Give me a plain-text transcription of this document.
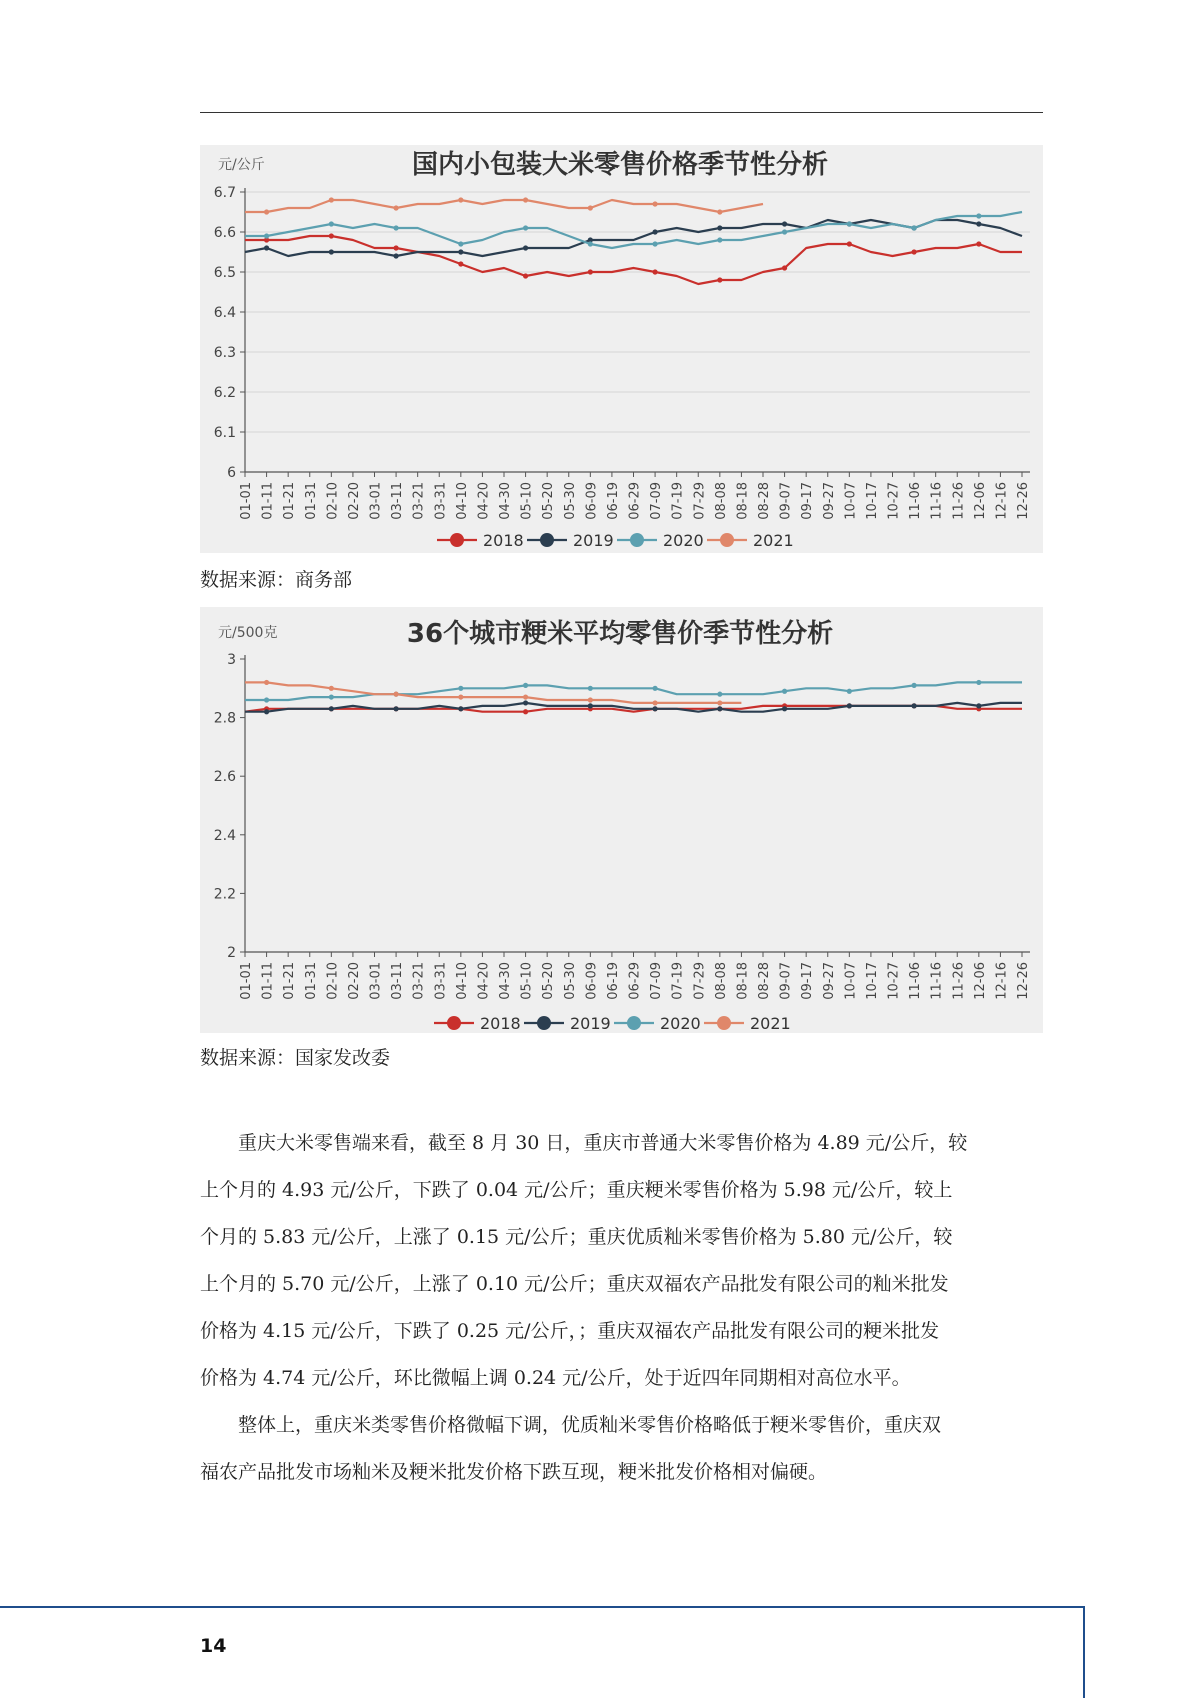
国内小包装大米零售价格季节性分析
元/公斤
6
6.1
6.2
6.3
6.4
6.5
6.6
6.7
01-01 01-11 01-21 01-31 02-10 02-20 03-01 03-11 03-21 03-31 04-10 04-20 04-30 05-10 05-20 05-30 06-09 06-19 06-29 07-09 07-19 07-29 08-08 08-18 08-28 09-07 09-17 09-27 10-07 10-17 10-27 11-06 11-16 11-26 12-06 12-16 12-26
2018	2019	2020	2021
数据来源：商务部
36个城市粳米平均零售价季节性分析
元/500克
2
2.2
2.4
2.6
2.8
3
01-01 01-11 01-21 01-31 02-10 02-20 03-01 03-11 03-21 03-31 04-10 04-20 04-30 05-10 05-20 05-30 06-09 06-19 06-29 07-09 07-19 07-29 08-08 08-18 08-28 09-07 09-17 09-27 10-07 10-17 10-27 11-06 11-16 11-26 12-06 12-16 12-26
2018	2019	2020	2021
数据来源：国家发改委

　　重庆大米零售端来看，截至 8 月 30 日，重庆市普通大米零售价格为 4.89 元/公斤，较
上个月的 4.93 元/公斤，下跌了 0.04 元/公斤；重庆粳米零售价格为 5.98 元/公斤，较上
个月的 5.83 元/公斤，上涨了 0.15 元/公斤；重庆优质籼米零售价格为 5.80 元/公斤，较
上个月的 5.70 元/公斤，上涨了 0.10 元/公斤；重庆双福农产品批发有限公司的籼米批发
价格为 4.15 元/公斤，下跌了 0.25 元/公斤，；重庆双福农产品批发有限公司的粳米批发
价格为 4.74 元/公斤，环比微幅上调 0.24 元/公斤，处于近四年同期相对高位水平。

　　整体上，重庆米类零售价格微幅下调，优质籼米零售价格略低于粳米零售价，重庆双
福农产品批发市场籼米及粳米批发价格下跌互现，粳米批发价格相对偏硬。

14
